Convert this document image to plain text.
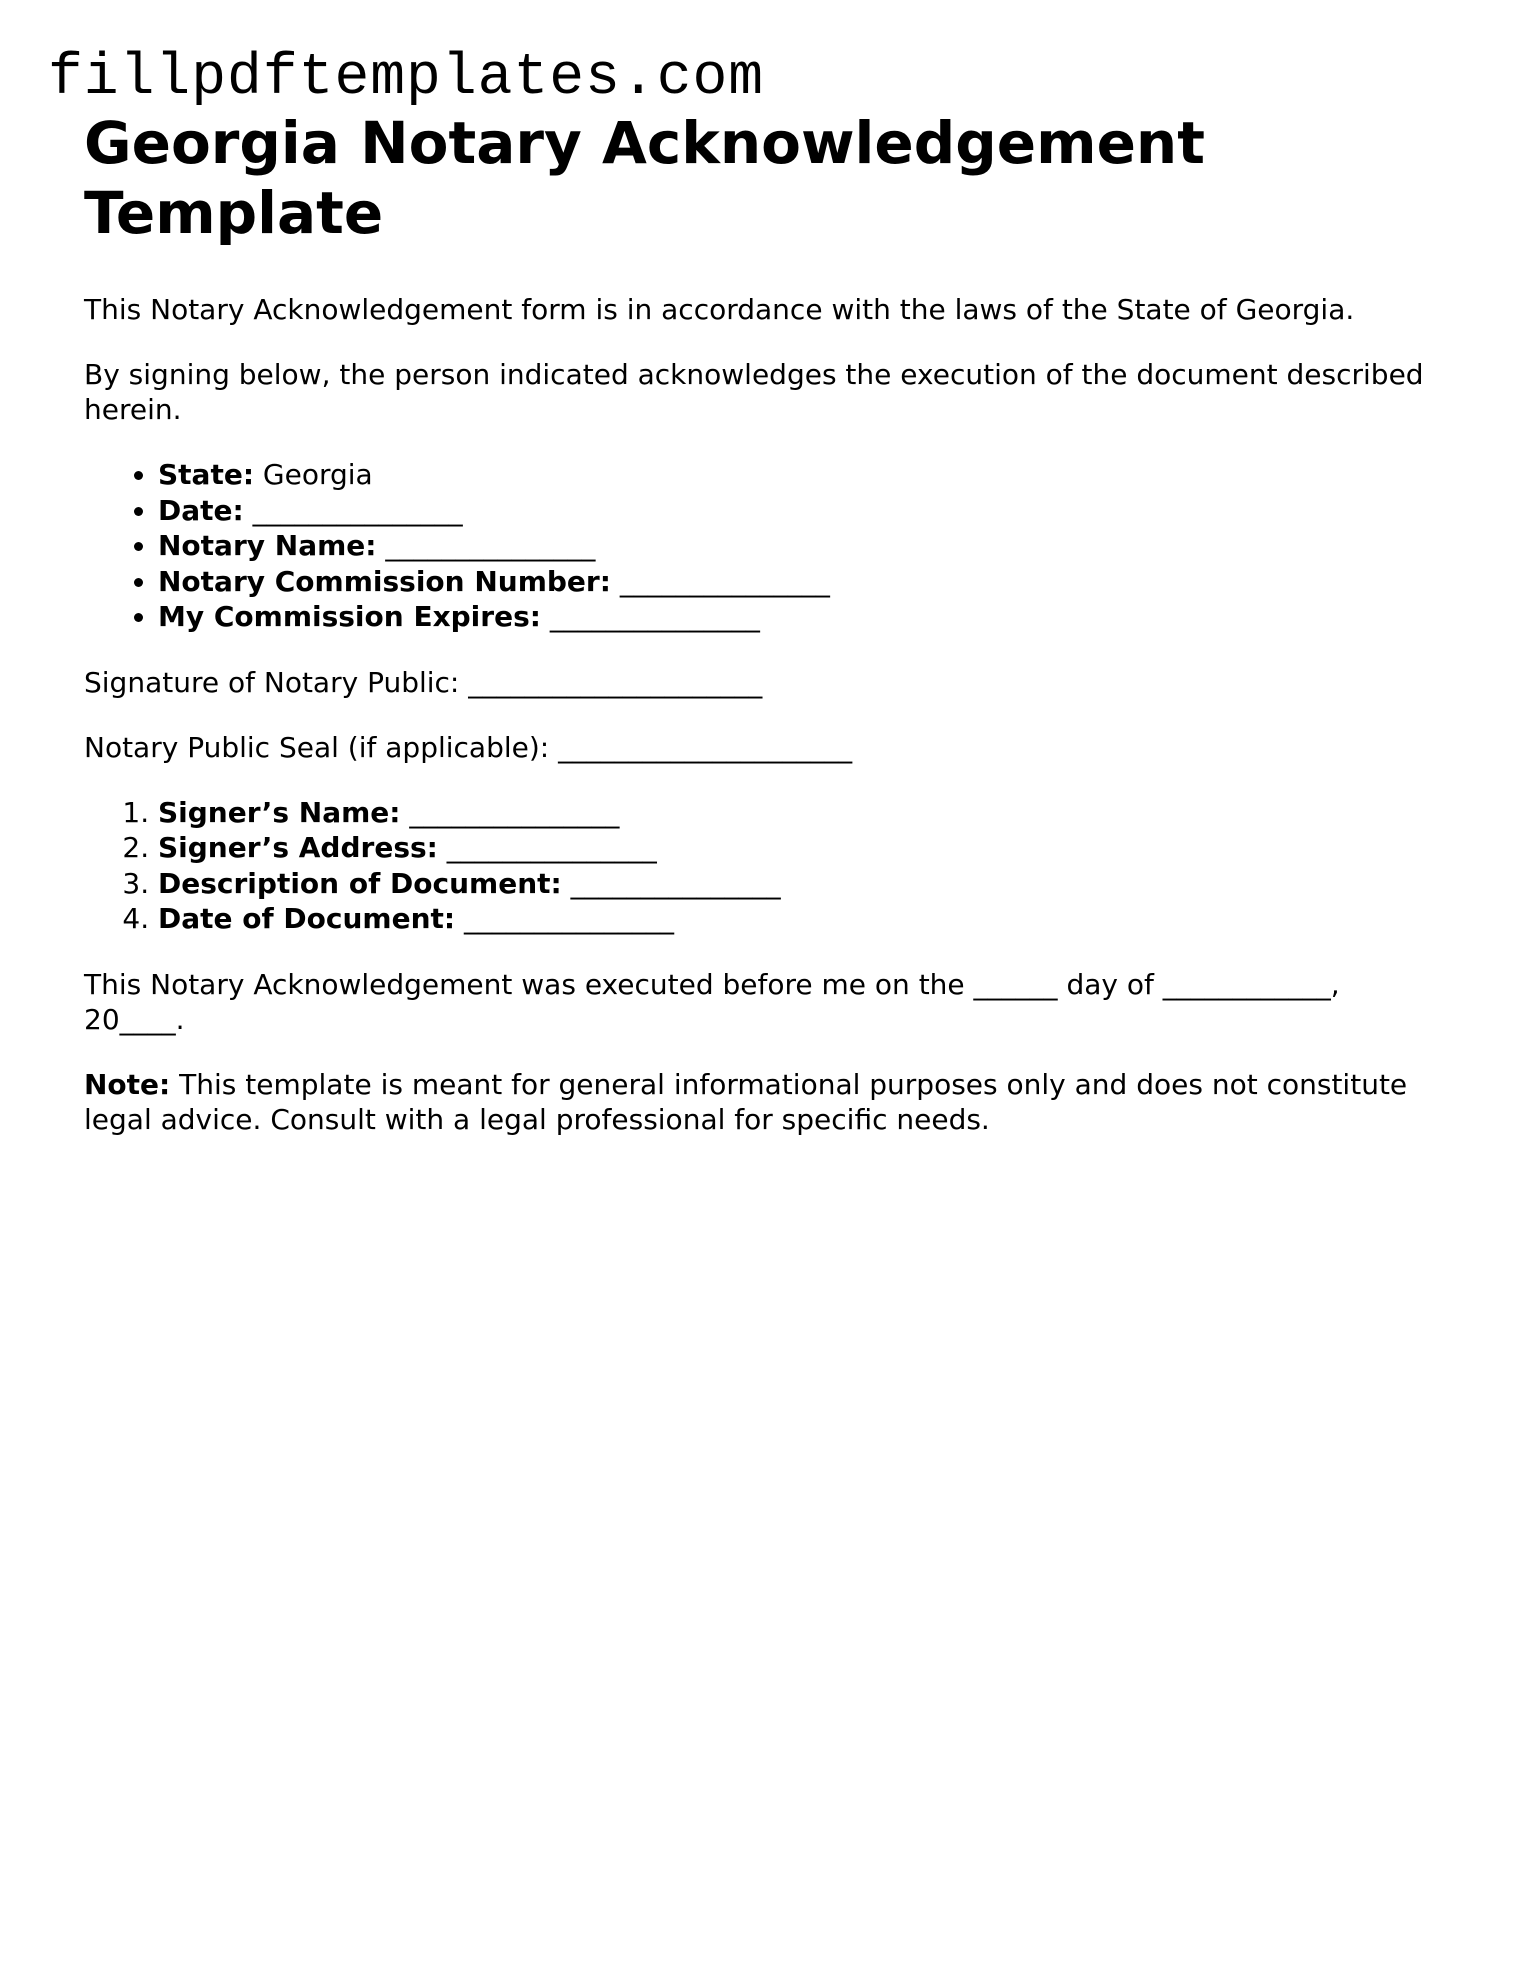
fillpdftemplates.com
Georgia Notary Acknowledgement Template

This Notary Acknowledgement form is in accordance with the laws of the State of Georgia.

By signing below, the person indicated acknowledges the execution of the document described herein.

• State: Georgia
• Date: _______________
• Notary Name: _______________
• Notary Commission Number: _______________
• My Commission Expires: _______________

Signature of Notary Public: _____________________

Notary Public Seal (if applicable): _____________________

1. Signer’s Name: _______________
2. Signer’s Address: _______________
3. Description of Document: _______________
4. Date of Document: _______________

This Notary Acknowledgement was executed before me on the ______ day of ____________, 20____.

Note: This template is meant for general informational purposes only and does not constitute legal advice. Consult with a legal professional for specific needs.
